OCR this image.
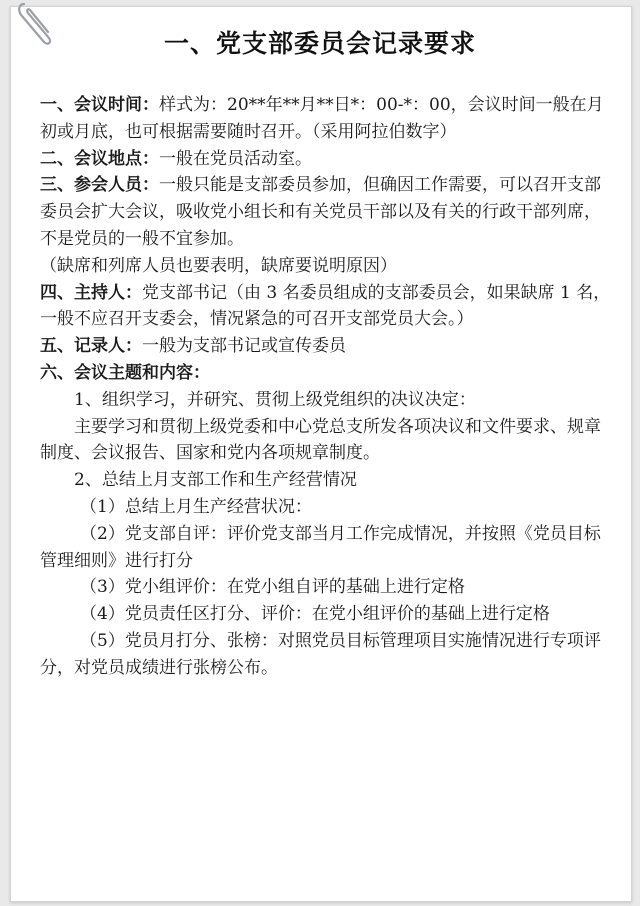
一、党支部委员会记录要求

一、会议时间：样式为：20**年**月**日*：00-*：00，会议时间一般在月初或月底，也可根据需要随时召开。（采用阿拉伯数字）

二、会议地点：一般在党员活动室。

三、参会人员：一般只能是支部委员参加，但确因工作需要，可以召开支部委员会扩大会议，吸收党小组长和有关党员干部以及有关的行政干部列席，不是党员的一般不宜参加。

（缺席和列席人员也要表明，缺席要说明原因）

四、主持人：党支部书记（由 3 名委员组成的支部委员会，如果缺席 1 名，一般不应召开支委会，情况紧急的可召开支部党员大会。）

五、记录人：一般为支部书记或宣传委员

六、会议主题和内容：

1、组织学习，并研究、贯彻上级党组织的决议决定：

主要学习和贯彻上级党委和中心党总支所发各项决议和文件要求、规章制度、会议报告、国家和党内各项规章制度。

2、总结上月支部工作和生产经营情况

（1）总结上月生产经营状况：

（2）党支部自评：评价党支部当月工作完成情况，并按照《党员目标管理细则》进行打分

（3）党小组评价：在党小组自评的基础上进行定格

（4）党员责任区打分、评价：在党小组评价的基础上进行定格

（5）党员月打分、张榜：对照党员目标管理项目实施情况进行专项评分，对党员成绩进行张榜公布。
